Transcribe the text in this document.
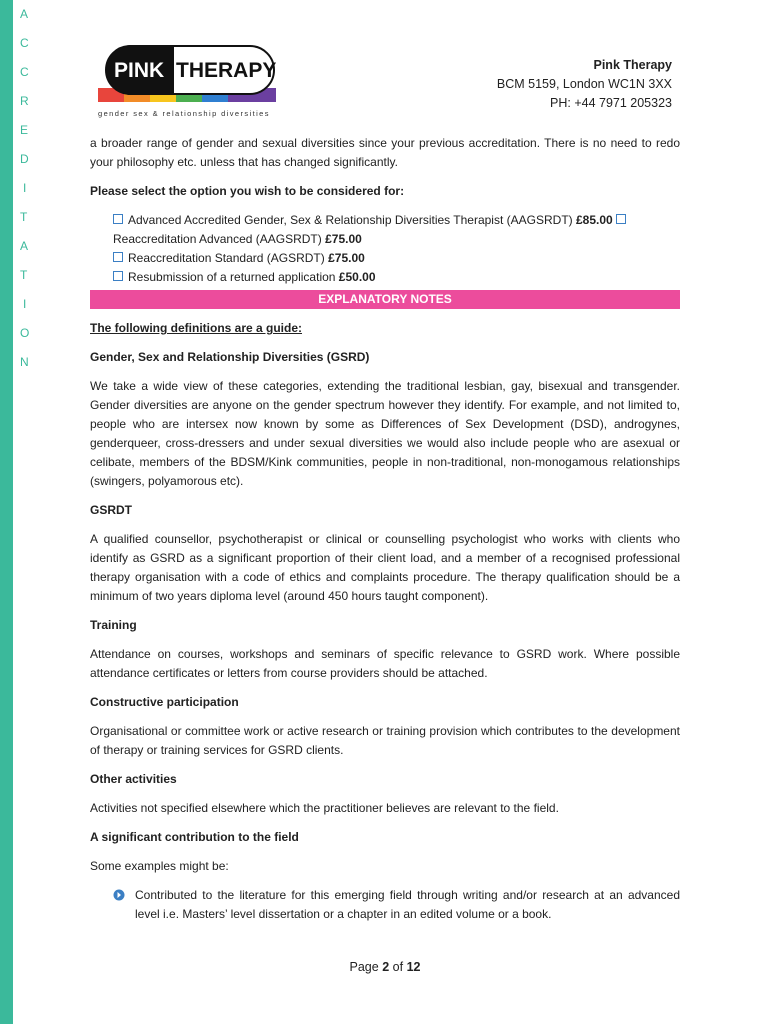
A
C
C
R
E
D
I
T
A
T
I
O
N
PINK THERAPY
gender sex & relationship diversities
Pink Therapy
BCM 5159, London WC1N 3XX
PH: +44 7971 205323

a broader range of gender and sexual diversities since your previous accreditation. There is no need to redo your philosophy etc. unless that has changed significantly.

Please select the option you wish to be considered for:

Advanced Accredited Gender, Sex & Relationship Diversities Therapist (AAGSRDT) £85.00
Reaccreditation Advanced (AAGSRDT) £75.00
Reaccreditation Standard (AGSRDT) £75.00
Resubmission of a returned application £50.00
EXPLANATORY NOTES

The following definitions are a guide:

Gender, Sex and Relationship Diversities (GSRD)

We take a wide view of these categories, extending the traditional lesbian, gay, bisexual and transgender. Gender diversities are anyone on the gender spectrum however they identify. For example, and not limited to, people who are intersex now known by some as Differences of Sex Development (DSD), androgynes, genderqueer, cross-dressers and under sexual diversities we would also include people who are asexual or celibate, members of the BDSM/Kink communities, people in non-traditional, non-monogamous relationships (swingers, polyamorous etc).

GSRDT

A qualified counsellor, psychotherapist or clinical or counselling psychologist who works with clients who identify as GSRD as a significant proportion of their client load, and a member of a recognised professional therapy organisation with a code of ethics and complaints procedure. The therapy qualification should be a minimum of two years diploma level (around 450 hours taught component).

Training

Attendance on courses, workshops and seminars of specific relevance to GSRD work. Where possible attendance certificates or letters from course providers should be attached.

Constructive participation

Organisational or committee work or active research or training provision which contributes to the development of therapy or training services for GSRD clients.

Other activities

Activities not specified elsewhere which the practitioner believes are relevant to the field.

A significant contribution to the field

Some examples might be:

Contributed to the literature for this emerging field through writing and/or research at an advanced level i.e. Masters’ level dissertation or a chapter in an edited volume or a book.
Page 2 of 12
